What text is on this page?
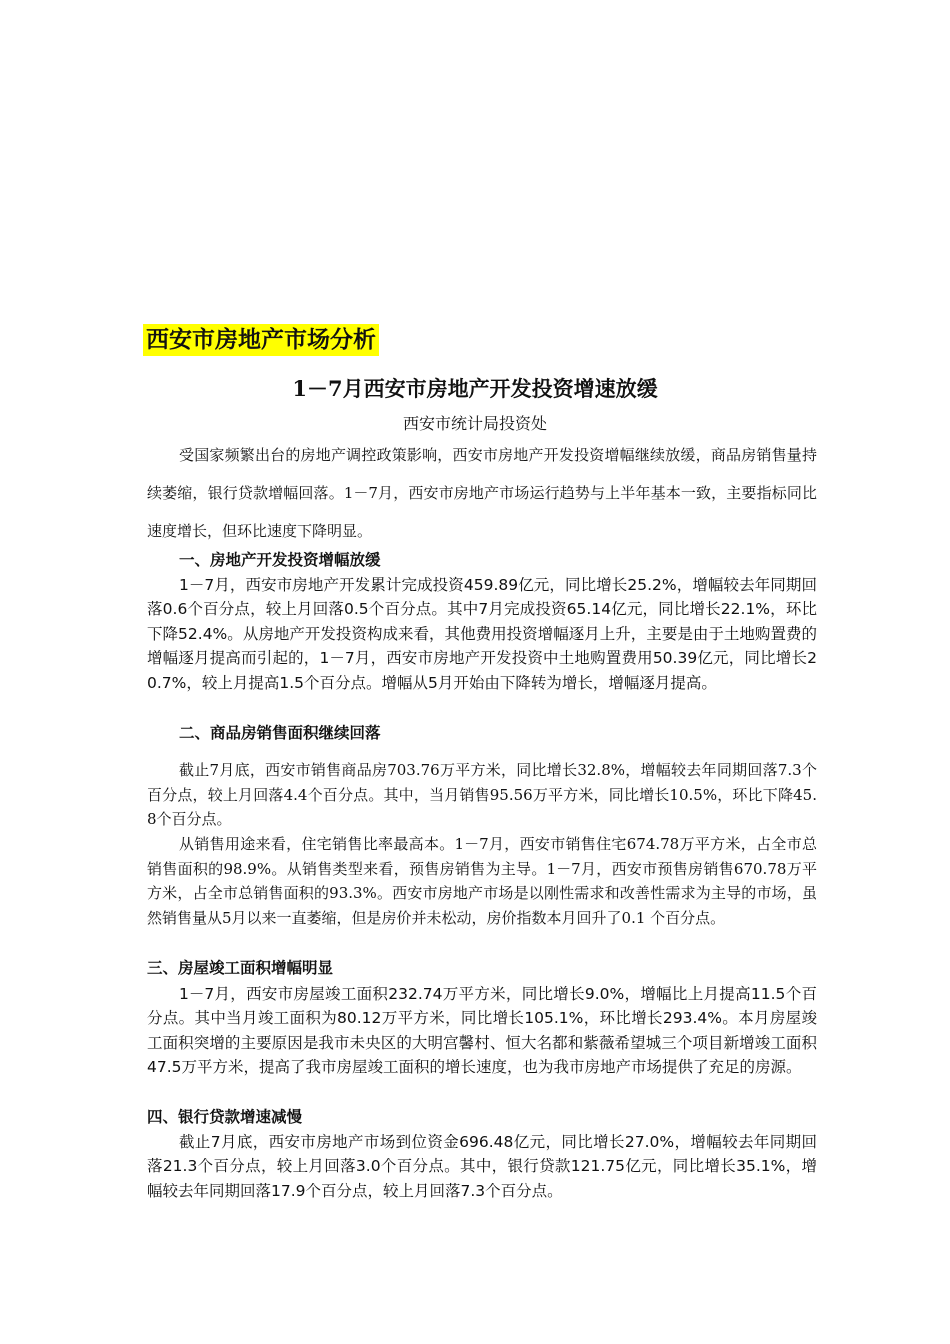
西安市房地产市场分析
1－7月西安市房地产开发投资增速放缓
西安市统计局投资处

受国家频繁出台的房地产调控政策影响，西安市房地产开发投资增幅继续放缓，商品房销售量持续萎缩，银行贷款增幅回落。1－7月，西安市房地产市场运行趋势与上半年基本一致，主要指标同比速度增长，但环比速度下降明显。

一、房地产开发投资增幅放缓

1－7月，西安市房地产开发累计完成投资459.89亿元，同比增长25.2%，增幅较去年同期回落0.6个百分点，较上月回落0.5个百分点。其中7月完成投资65.14亿元，同比增长22.1%，环比下降52.4%。从房地产开发投资构成来看，其他费用投资增幅逐月上升，主要是由于土地购置费的增幅逐月提高而引起的，1－7月，西安市房地产开发投资中土地购置费用50.39亿元，同比增长20.7%，较上月提高1.5个百分点。增幅从5月开始由下降转为增长，增幅逐月提高。

二、商品房销售面积继续回落

截止7月底，西安市销售商品房703.76万平方米，同比增长32.8%，增幅较去年同期回落7.3个百分点，较上月回落4.4个百分点。其中，当月销售95.56万平方米，同比增长10.5%，环比下降45.8个百分点。

从销售用途来看，住宅销售比率最高本。1－7月，西安市销售住宅674.78万平方米，占全市总销售面积的98.9%。从销售类型来看，预售房销售为主导。1－7月，西安市预售房销售670.78万平方米，占全市总销售面积的93.3%。西安市房地产市场是以刚性需求和改善性需求为主导的市场，虽然销售量从5月以来一直萎缩，但是房价并未松动，房价指数本月回升了0.1 个百分点。

三、房屋竣工面积增幅明显

1－7月，西安市房屋竣工面积232.74万平方米，同比增长9.0%，增幅比上月提高11.5个百分点。其中当月竣工面积为80.12万平方米，同比增长105.1%，环比增长293.4%。本月房屋竣工面积突增的主要原因是我市未央区的大明宫馨村、恒大名都和紫薇希望城三个项目新增竣工面积47.5万平方米，提高了我市房屋竣工面积的增长速度，也为我市房地产市场提供了充足的房源。

四、银行贷款增速减慢

截止7月底，西安市房地产市场到位资金696.48亿元，同比增长27.0%，增幅较去年同期回落21.3个百分点，较上月回落3.0个百分点。其中，银行贷款121.75亿元，同比增长35.1%，增幅较去年同期回落17.9个百分点，较上月回落7.3个百分点。
